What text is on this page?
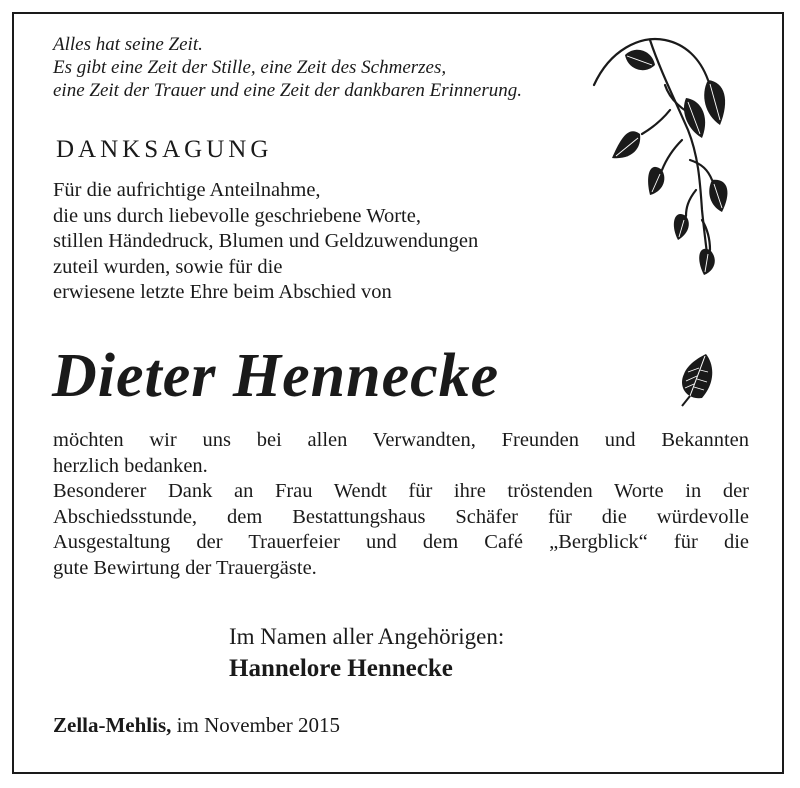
Alles hat seine Zeit.
Es gibt eine Zeit der Stille, eine Zeit des Schmerzes,
eine Zeit der Trauer und eine Zeit der dankbaren Erinnerung.
DANKSAGUNG
Für die aufrichtige Anteilnahme,
die uns durch liebevolle geschriebene Worte,
stillen Händedruck, Blumen und Geldzuwendungen
zuteil wurden, sowie für die
erwiesene letzte Ehre beim Abschied von
Dieter Hennecke
möchten wir uns bei allen Verwandten, Freunden und Bekannten
herzlich bedanken.
Besonderer Dank an Frau Wendt für ihre tröstenden Worte in der
Abschiedsstunde, dem Bestattungshaus Schäfer für die würdevolle
Ausgestaltung der Trauerfeier und dem Café „Bergblick“ für die
gute Bewirtung der Trauergäste.
Im Namen aller Angehörigen:
Hannelore Hennecke
Zella-Mehlis, im November 2015
